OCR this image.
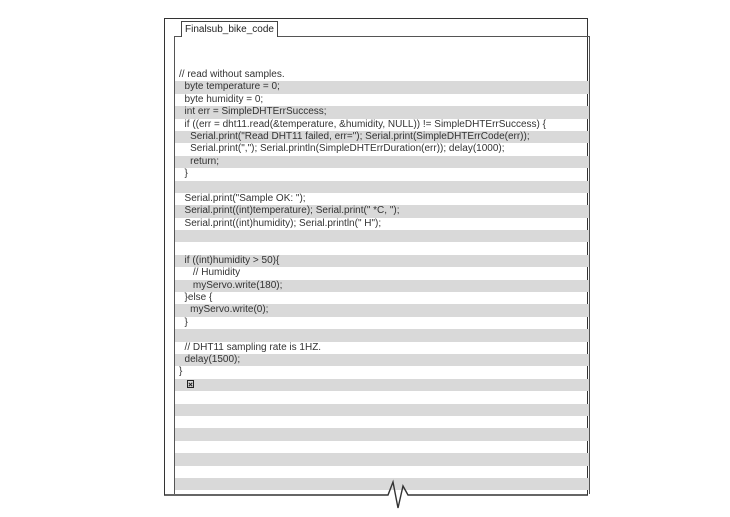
// read without samples.
byte temperature = 0;
byte humidity = 0;
int err = SimpleDHTErrSuccess;
if ((err = dht11.read(&temperature, &humidity, NULL)) != SimpleDHTErrSuccess) {
Serial.print("Read DHT11 failed, err="); Serial.print(SimpleDHTErrCode(err));
Serial.print(","); Serial.println(SimpleDHTErrDuration(err)); delay(1000);
return;
}
Serial.print("Sample OK: ");
Serial.print((int)temperature); Serial.print(" *C, ");
Serial.print((int)humidity); Serial.println(" H");
if ((int)humidity > 50){
// Humidity
myServo.write(180);
}else {
myServo.write(0);
}
// DHT11 sampling rate is 1HZ.
delay(1500);
}

Finalsub_bike_code
